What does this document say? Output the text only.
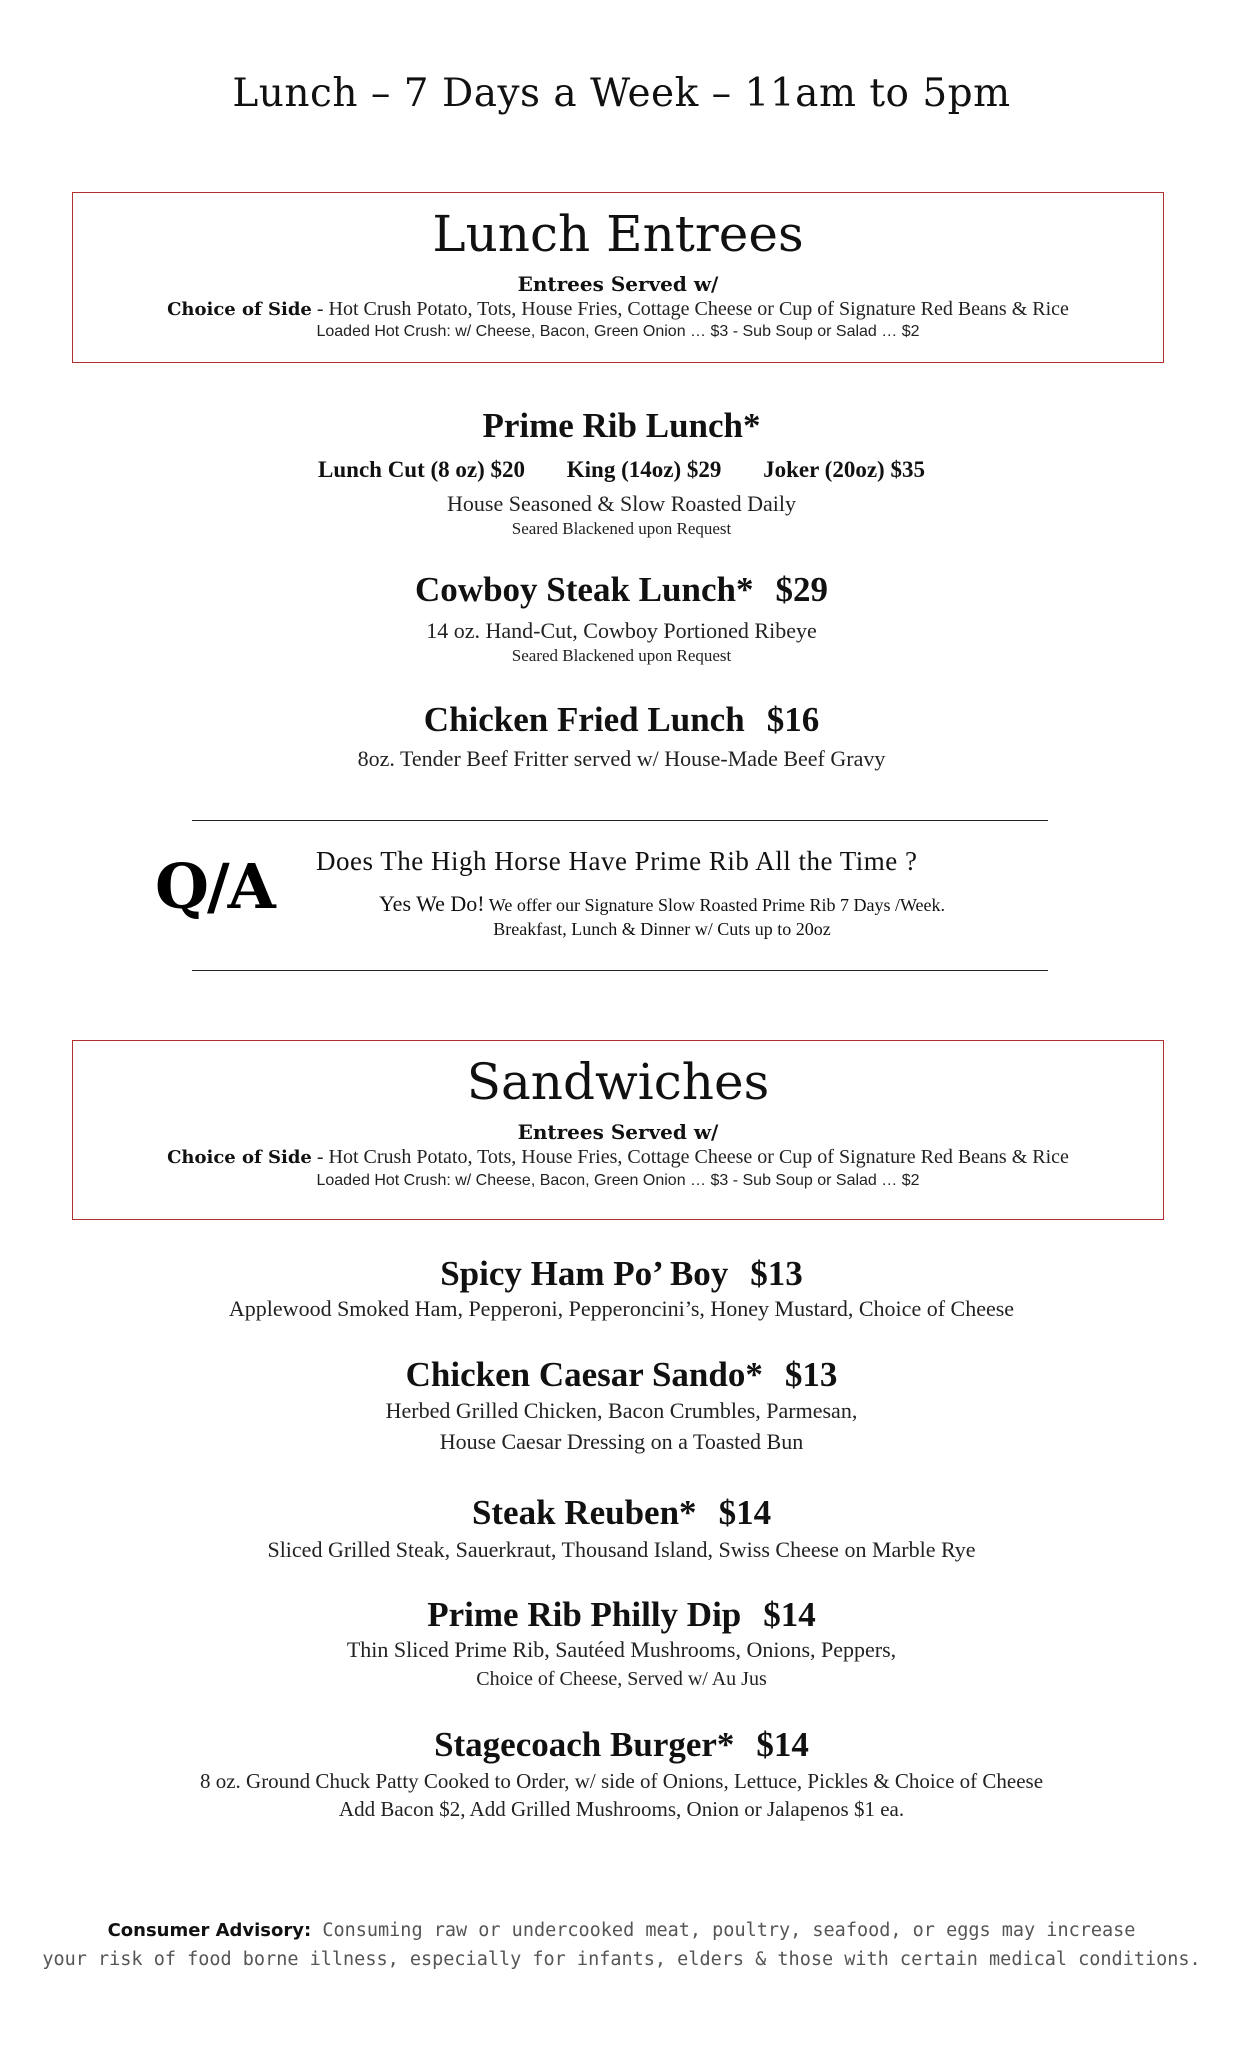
Lunch – 7 Days a Week – 11am to 5pm
Lunch Entrees
Entrees Served w/
Choice of Side - Hot Crush Potato, Tots, House Fries, Cottage Cheese or Cup of Signature Red Beans & Rice
Loaded Hot Crush: w/ Cheese, Bacon, Green Onion … $3 - Sub Soup or Salad … $2
Prime Rib Lunch*
Lunch Cut (8 oz) $20 King (14oz) $29 Joker (20oz) $35
House Seasoned & Slow Roasted Daily
Seared Blackened upon Request
Cowboy Steak Lunch* $29
14 oz. Hand-Cut, Cowboy Portioned Ribeye
Seared Blackened upon Request
Chicken Fried Lunch $16
8oz. Tender Beef Fritter served w/ House-Made Beef Gravy
Q/A Does The High Horse Have Prime Rib All the Time ?
Yes We Do! We offer our Signature Slow Roasted Prime Rib 7 Days /Week.
Breakfast, Lunch & Dinner w/ Cuts up to 20oz
Sandwiches
Entrees Served w/
Choice of Side - Hot Crush Potato, Tots, House Fries, Cottage Cheese or Cup of Signature Red Beans & Rice
Loaded Hot Crush: w/ Cheese, Bacon, Green Onion … $3 - Sub Soup or Salad … $2
Spicy Ham Po’ Boy $13
Applewood Smoked Ham, Pepperoni, Pepperoncini’s, Honey Mustard, Choice of Cheese
Chicken Caesar Sando* $13
Herbed Grilled Chicken, Bacon Crumbles, Parmesan,
House Caesar Dressing on a Toasted Bun
Steak Reuben* $14
Sliced Grilled Steak, Sauerkraut, Thousand Island, Swiss Cheese on Marble Rye
Prime Rib Philly Dip $14
Thin Sliced Prime Rib, Sautéed Mushrooms, Onions, Peppers,
Choice of Cheese, Served w/ Au Jus
Stagecoach Burger* $14
8 oz. Ground Chuck Patty Cooked to Order, w/ side of Onions, Lettuce, Pickles & Choice of Cheese
Add Bacon $2, Add Grilled Mushrooms, Onion or Jalapenos $1 ea.
Consumer Advisory: Consuming raw or undercooked meat, poultry, seafood, or eggs may increase
your risk of food borne illness, especially for infants, elders & those with certain medical conditions.
